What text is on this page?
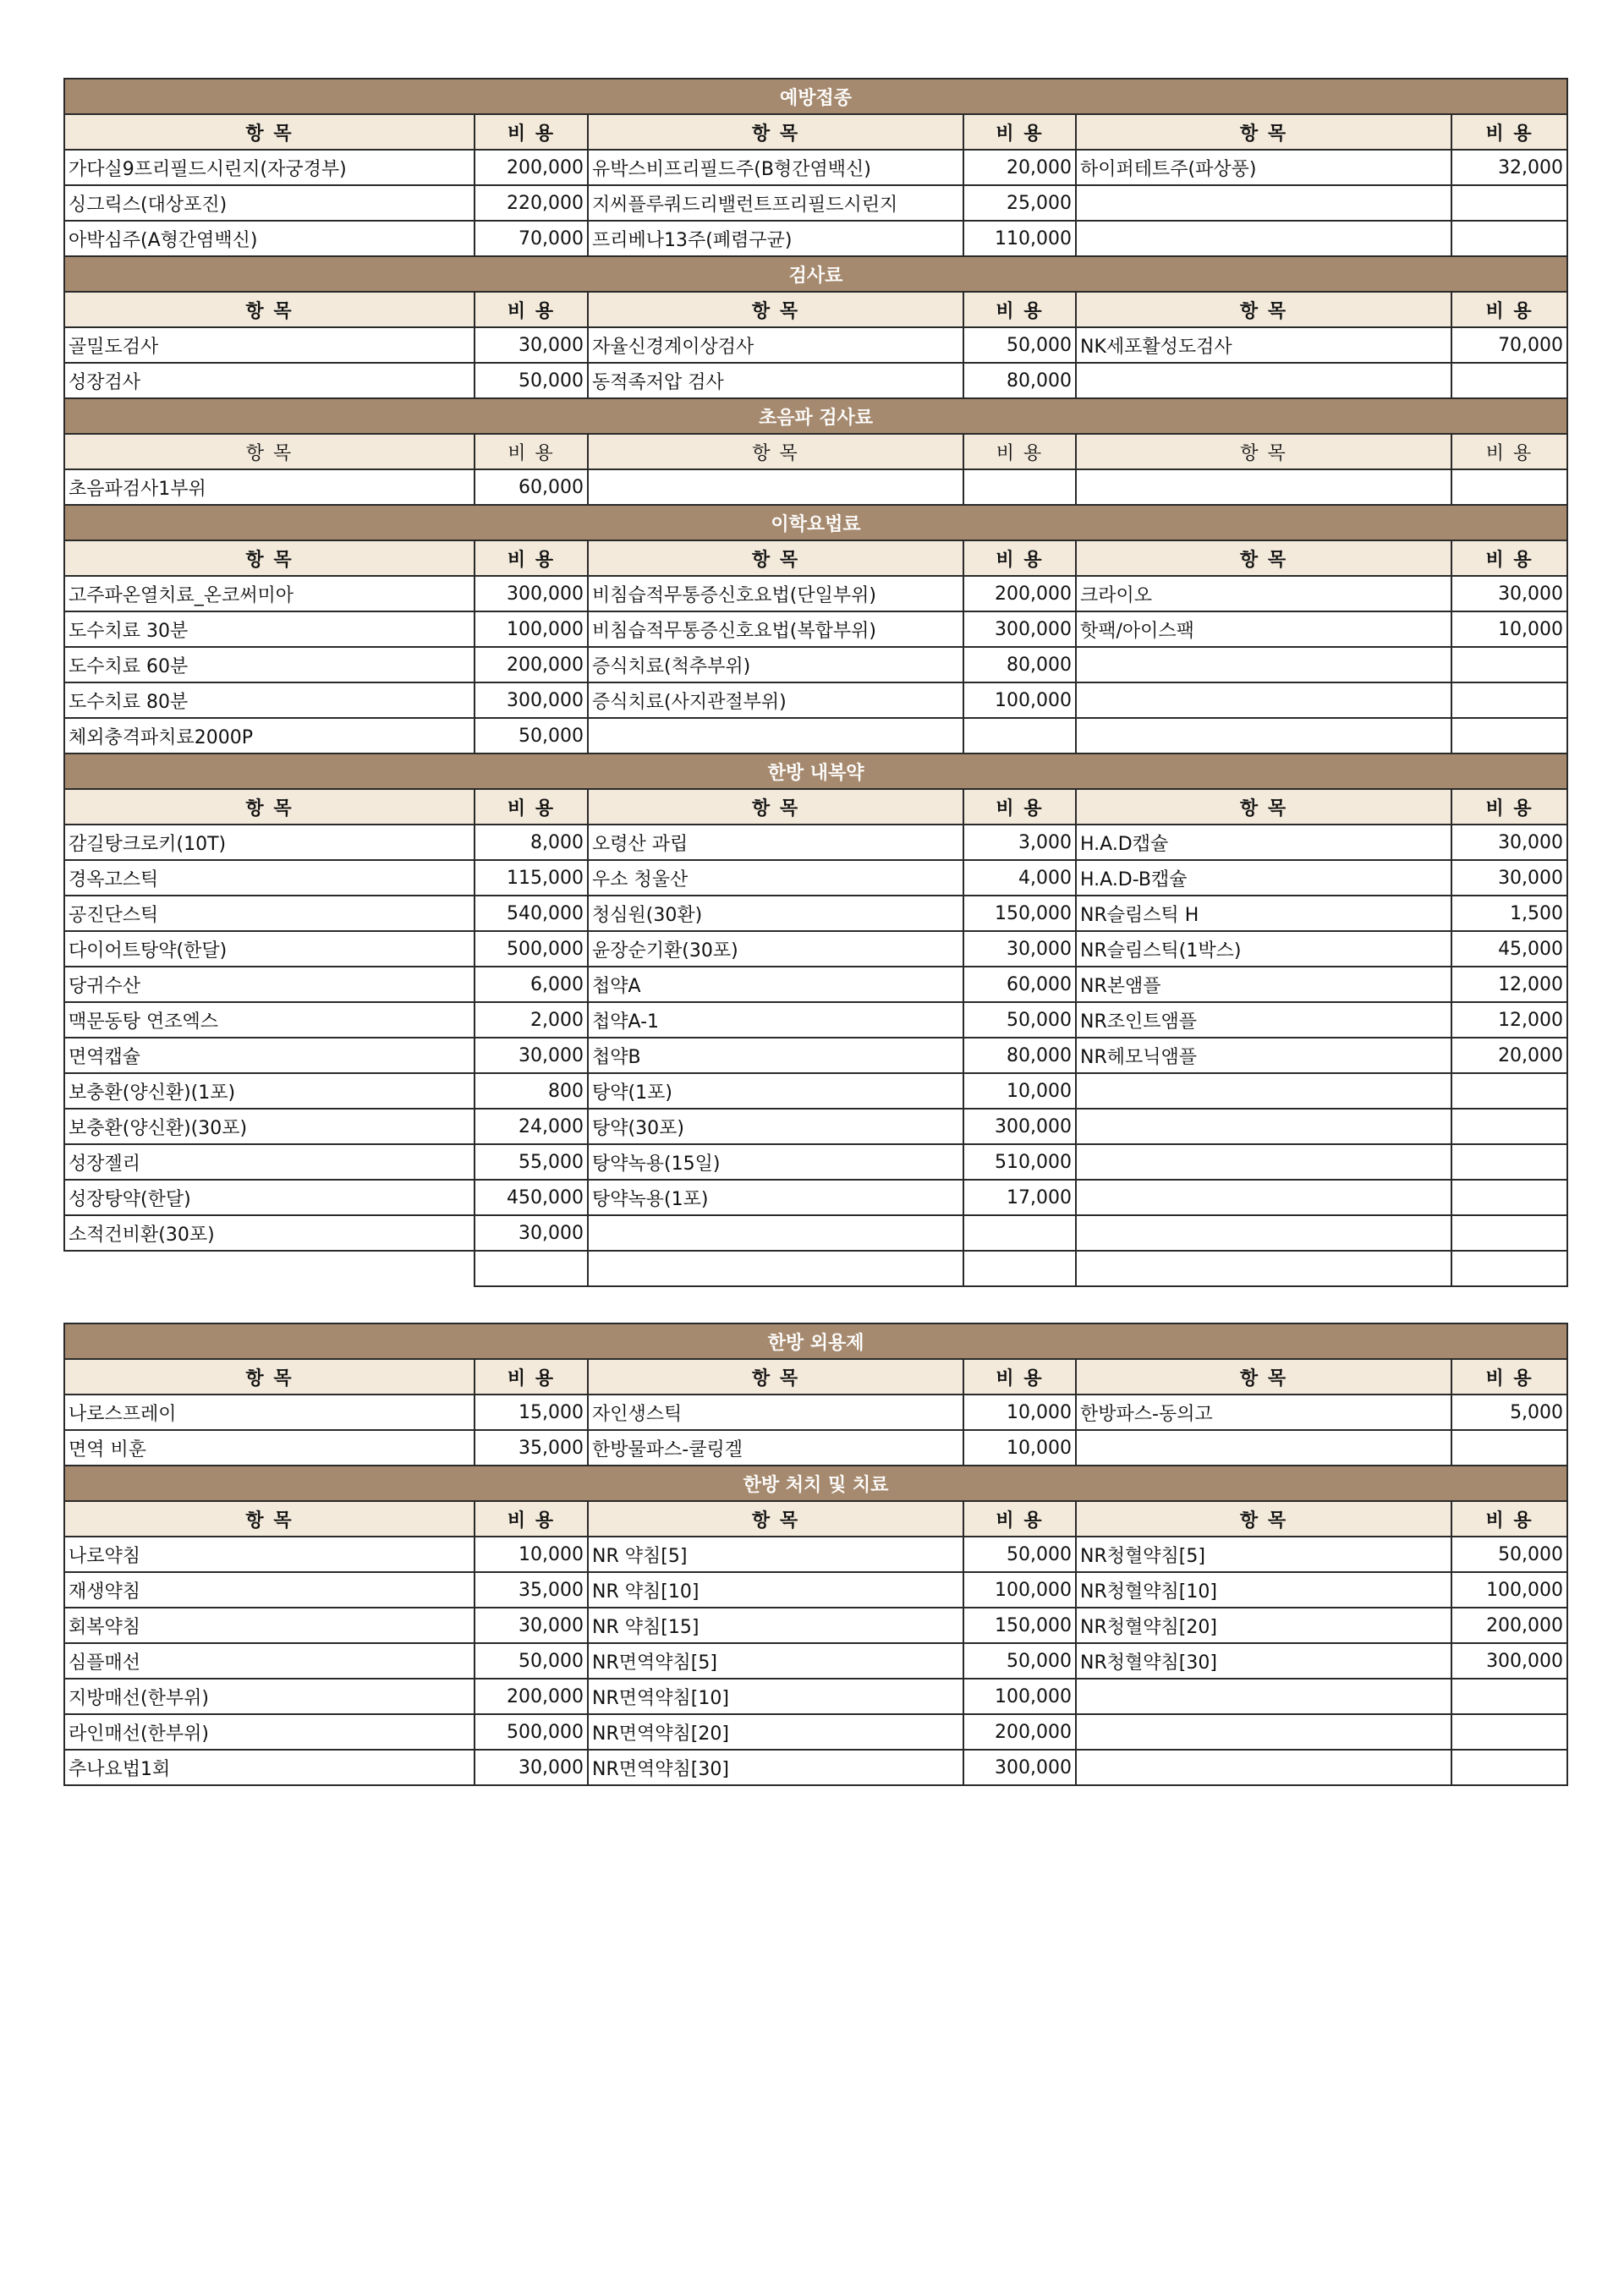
예방접종					
항 목	비 용	항 목	비 용	항 목	비 용
가다실9프리필드시린지(자궁경부)	200,000	유박스비프리필드주(B형간염백신)	20,000	하이퍼테트주(파상풍)	32,000
싱그릭스(대상포진)	220,000	지씨플루쿼드리밸런트프리필드시린지	25,000		
아박심주(A형간염백신)	70,000	프리베나13주(폐렴구균)	110,000		
검사료					
항 목	비 용	항 목	비 용	항 목	비 용
골밀도검사	30,000	자율신경계이상검사	50,000	NK세포활성도검사	70,000
성장검사	50,000	동적족저압 검사	80,000		
초음파 검사료					
항 목	비 용	항 목	비 용	항 목	비 용
초음파검사1부위	60,000				
이학요법료					
항 목	비 용	항 목	비 용	항 목	비 용
고주파온열치료_온코써미아	300,000	비침습적무통증신호요법(단일부위)	200,000	크라이오	30,000
도수치료 30분	100,000	비침습적무통증신호요법(복합부위)	300,000	핫팩/아이스팩	10,000
도수치료 60분	200,000	증식치료(척추부위)	80,000		
도수치료 80분	300,000	증식치료(사지관절부위)	100,000		
체외충격파치료2000P	50,000				
한방 내복약					
항 목	비 용	항 목	비 용	항 목	비 용
감길탕크로키(10T)	8,000	오령산 과립	3,000	H.A.D캡슐	30,000
경옥고스틱	115,000	우소 청울산	4,000	H.A.D-B캡슐	30,000
공진단스틱	540,000	청심원(30환)	150,000	NR슬림스틱 H	1,500
다이어트탕약(한달)	500,000	윤장순기환(30포)	30,000	NR슬림스틱(1박스)	45,000
당귀수산	6,000	첩약A	60,000	NR본앰플	12,000
맥문동탕 연조엑스	2,000	첩약A-1	50,000	NR조인트앰플	12,000
면역캡슐	30,000	첩약B	80,000	NR헤모닉앰플	20,000
보충환(양신환)(1포)	800	탕약(1포)	10,000		
보충환(양신환)(30포)	24,000	탕약(30포)	300,000		
성장젤리	55,000	탕약녹용(15일)	510,000		
성장탕약(한달)	450,000	탕약녹용(1포)	17,000		
소적건비환(30포)	30,000				

한방 외용제					
항 목	비 용	항 목	비 용	항 목	비 용
나로스프레이	15,000	자인생스틱	10,000	한방파스-동의고	5,000
면역 비훈	35,000	한방물파스-쿨링겔	10,000		
한방 처치 및 치료					
항 목	비 용	항 목	비 용	항 목	비 용
나로약침	10,000	NR 약침[5]	50,000	NR청혈약침[5]	50,000
재생약침	35,000	NR 약침[10]	100,000	NR청혈약침[10]	100,000
회복약침	30,000	NR 약침[15]	150,000	NR청혈약침[20]	200,000
심플매선	50,000	NR면역약침[5]	50,000	NR청혈약침[30]	300,000
지방매선(한부위)	200,000	NR면역약침[10]	100,000		
라인매선(한부위)	500,000	NR면역약침[20]	200,000		
추나요법1회	30,000	NR면역약침[30]	300,000		
